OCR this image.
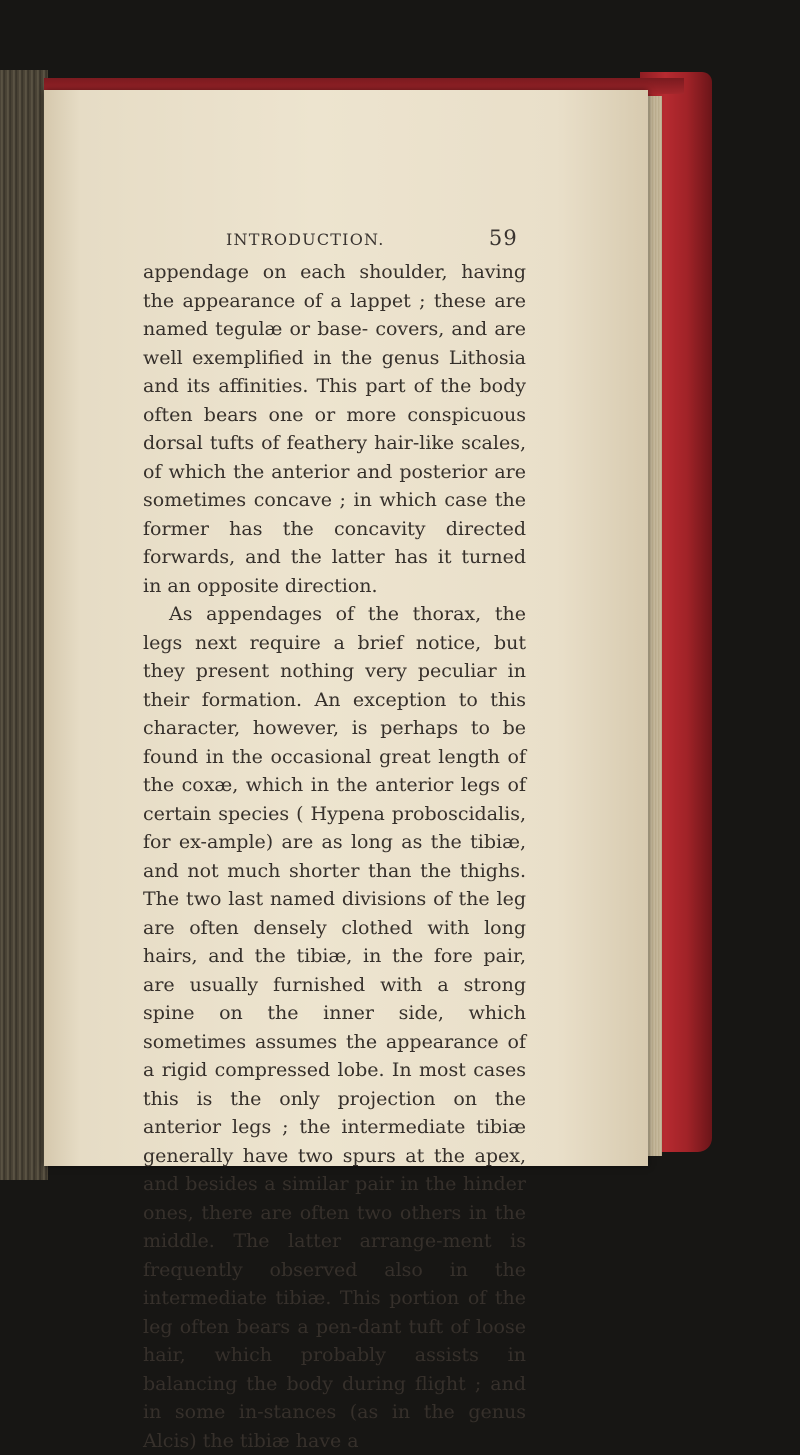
INTRODUCTION.	59

appendage on each shoulder, having the appearance of a lappet ; these are named tegulæ or base- covers, and are well exemplified in the genus Lithosia and its affinities. This part of the body often bears one or more conspicuous dorsal tufts of feathery hair-like scales, of which the anterior and posterior are sometimes concave ; in which case the former has the concavity directed forwards, and the latter has it turned in an opposite direction.

As appendages of the thorax, the legs next require a brief notice, but they present nothing very peculiar in their formation. An exception to this character, however, is perhaps to be found in the occasional great length of the coxæ, which in the anterior legs of certain species ( Hypena proboscidalis, for ex-ample) are as long as the tibiæ, and not much shorter than the thighs. The two last named divisions of the leg are often densely clothed with long hairs, and the tibiæ, in the fore pair, are usually furnished with a strong spine on the inner side, which sometimes assumes the appearance of a rigid compressed lobe. In most cases this is the only projection on the anterior legs ; the intermediate tibiæ generally have two spurs at the apex, and besides a similar pair in the hinder ones, there are often two others in the middle. The latter arrange-ment is frequently observed also in the intermediate tibiæ. This portion of the leg often bears a pen-dant tuft of loose hair, which probably assists in balancing the body during flight ; and in some in-stances (as in the genus Alcis) the tibiæ have a
